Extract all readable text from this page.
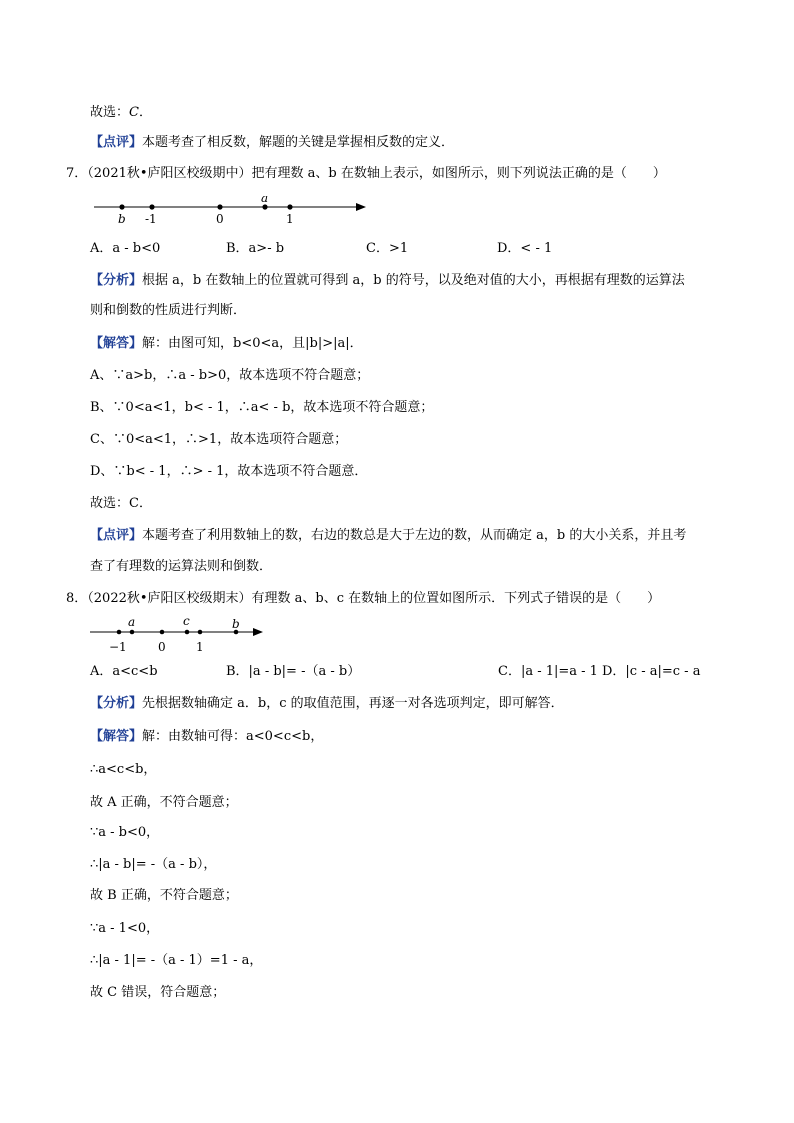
故选：C．
【点评】本题考查了相反数，解题的关键是掌握相反数的定义．
7．（2021秋•庐阳区校级期中）把有理数 a、b 在数轴上表示，如图所示，则下列说法正确的是（　　）
b -1	0
a
1
A．a - b<0	B．a>- b	C．>1	D．< - 1
【分析】根据 a，b 在数轴上的位置就可得到 a，b 的符号，以及绝对值的大小，再根据有理数的运算法
则和倒数的性质进行判断．
【解答】解：由图可知，b<0<a，且|b|>|a|．
A、∵a>b，∴a - b>0，故本选项不符合题意；
B、∵0<a<1，b< - 1，∴a< - b，故本选项不符合题意；
C、∵0<a<1，∴>1，故本选项符合题意；
D、∵b< - 1，∴> - 1，故本选项不符合题意．
故选：C．
【点评】本题考查了利用数轴上的数，右边的数总是大于左边的数，从而确定 a，b 的大小关系，并且考
查了有理数的运算法则和倒数．
8．（2022秋•庐阳区校级期末）有理数 a、b、c 在数轴上的位置如图所示．下列式子错误的是（　　）
a	c	b
−1	0	1
A．a<c<b	B．|a - b|= -（a - b）	C．|a - 1|=a - 1 D．|c - a|=c - a
【分析】先根据数轴确定 a．b，c 的取值范围，再逐一对各选项判定，即可解答．
【解答】解：由数轴可得：a<0<c<b，
∴a<c<b，
故 A 正确，不符合题意；
∵a - b<0，
∴|a - b|= -（a - b），
故 B 正确，不符合题意；
∵a - 1<0，
∴|a - 1|= -（a - 1）=1 - a，
故 C 错误，符合题意；
